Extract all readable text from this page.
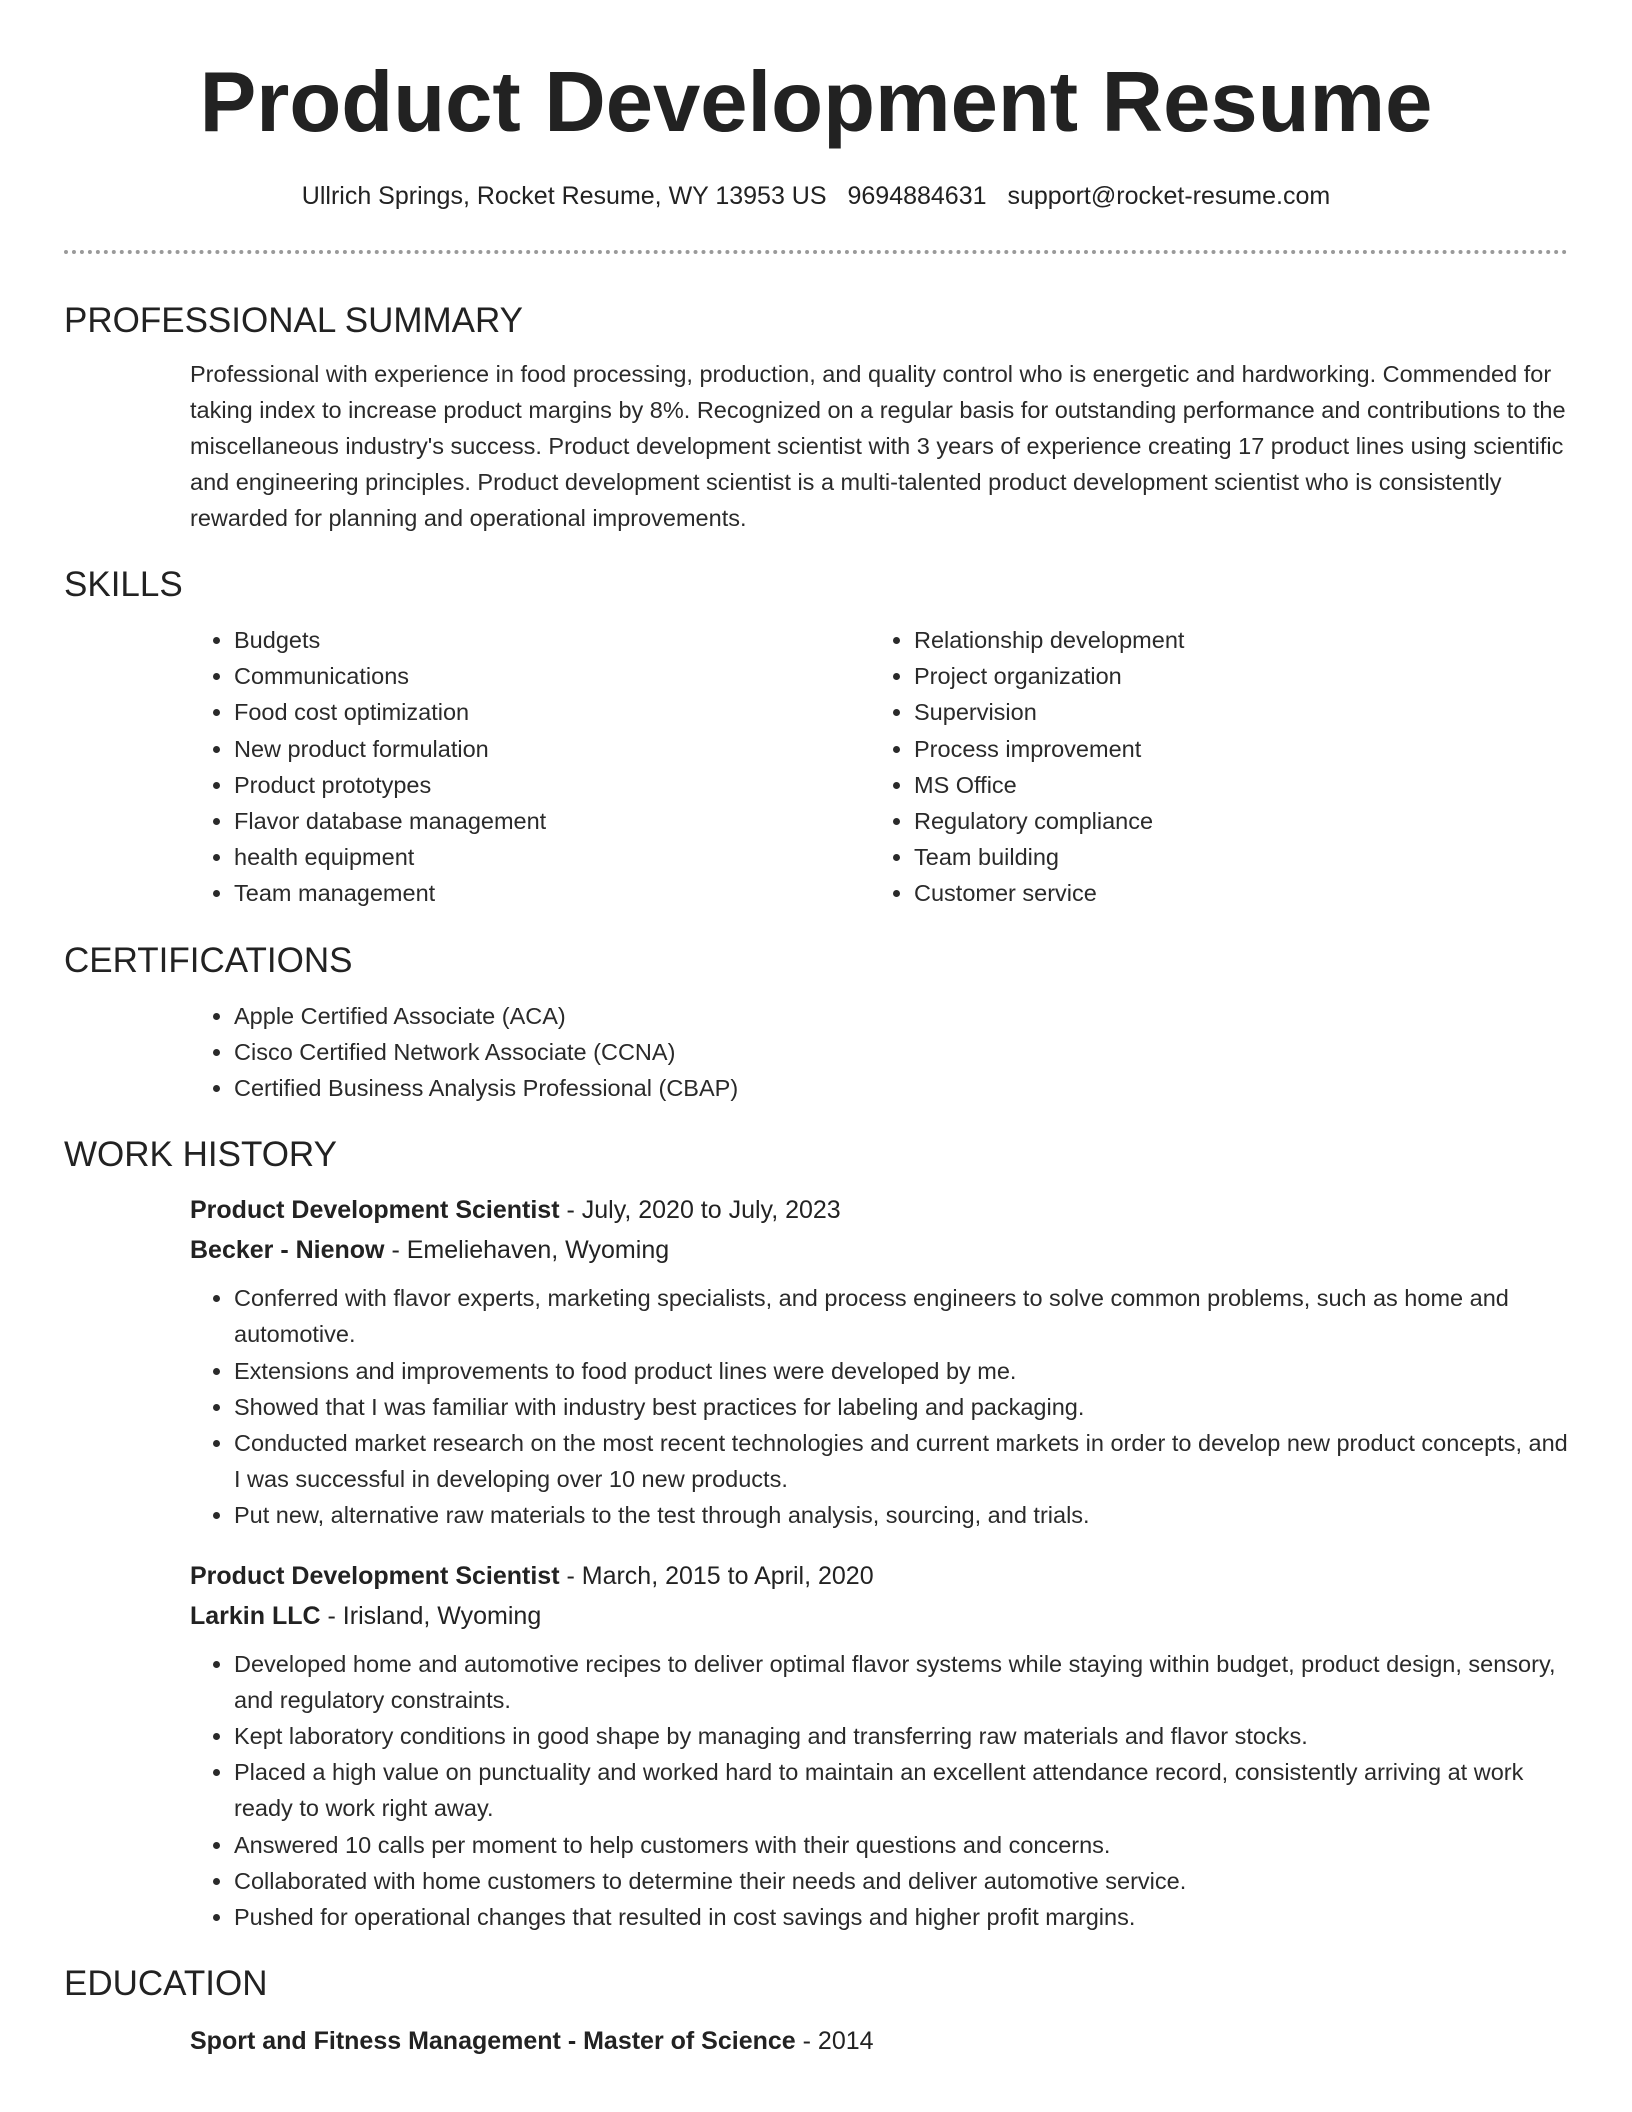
Product Development Resume

Ullrich Springs, Rocket Resume, WY 13953 US 9694884631 support@rocket-resume.com

PROFESSIONAL SUMMARY

Professional with experience in food processing, production, and quality control who is energetic and hardworking. Commended for taking index to increase product margins by 8%. Recognized on a regular basis for outstanding performance and contributions to the miscellaneous industry's success. Product development scientist with 3 years of experience creating 17 product lines using scientific and engineering principles. Product development scientist is a multi-talented product development scientist who is consistently rewarded for planning and operational improvements.

SKILLS
• Budgets
• Communications
• Food cost optimization
• New product formulation
• Product prototypes
• Flavor database management
• health equipment
• Team management
• Relationship development
• Project organization
• Supervision
• Process improvement
• MS Office
• Regulatory compliance
• Team building
• Customer service
CERTIFICATIONS
• Apple Certified Associate (ACA)
• Cisco Certified Network Associate (CCNA)
• Certified Business Analysis Professional (CBAP)
WORK HISTORY

Product Development Scientist - July, 2020 to July, 2023

Becker - Nienow - Emeliehaven, Wyoming

• Conferred with flavor experts, marketing specialists, and process engineers to solve common problems, such as home and automotive.
• Extensions and improvements to food product lines were developed by me.
• Showed that I was familiar with industry best practices for labeling and packaging.
• Conducted market research on the most recent technologies and current markets in order to develop new product concepts, and I was successful in developing over 10 new products.
• Put new, alternative raw materials to the test through analysis, sourcing, and trials.

Product Development Scientist - March, 2015 to April, 2020

Larkin LLC - Irisland, Wyoming

• Developed home and automotive recipes to deliver optimal flavor systems while staying within budget, product design, sensory, and regulatory constraints.
• Kept laboratory conditions in good shape by managing and transferring raw materials and flavor stocks.
• Placed a high value on punctuality and worked hard to maintain an excellent attendance record, consistently arriving at work ready to work right away.
• Answered 10 calls per moment to help customers with their questions and concerns.
• Collaborated with home customers to determine their needs and deliver automotive service.
• Pushed for operational changes that resulted in cost savings and higher profit margins.
EDUCATION

Sport and Fitness Management - Master of Science - 2014
